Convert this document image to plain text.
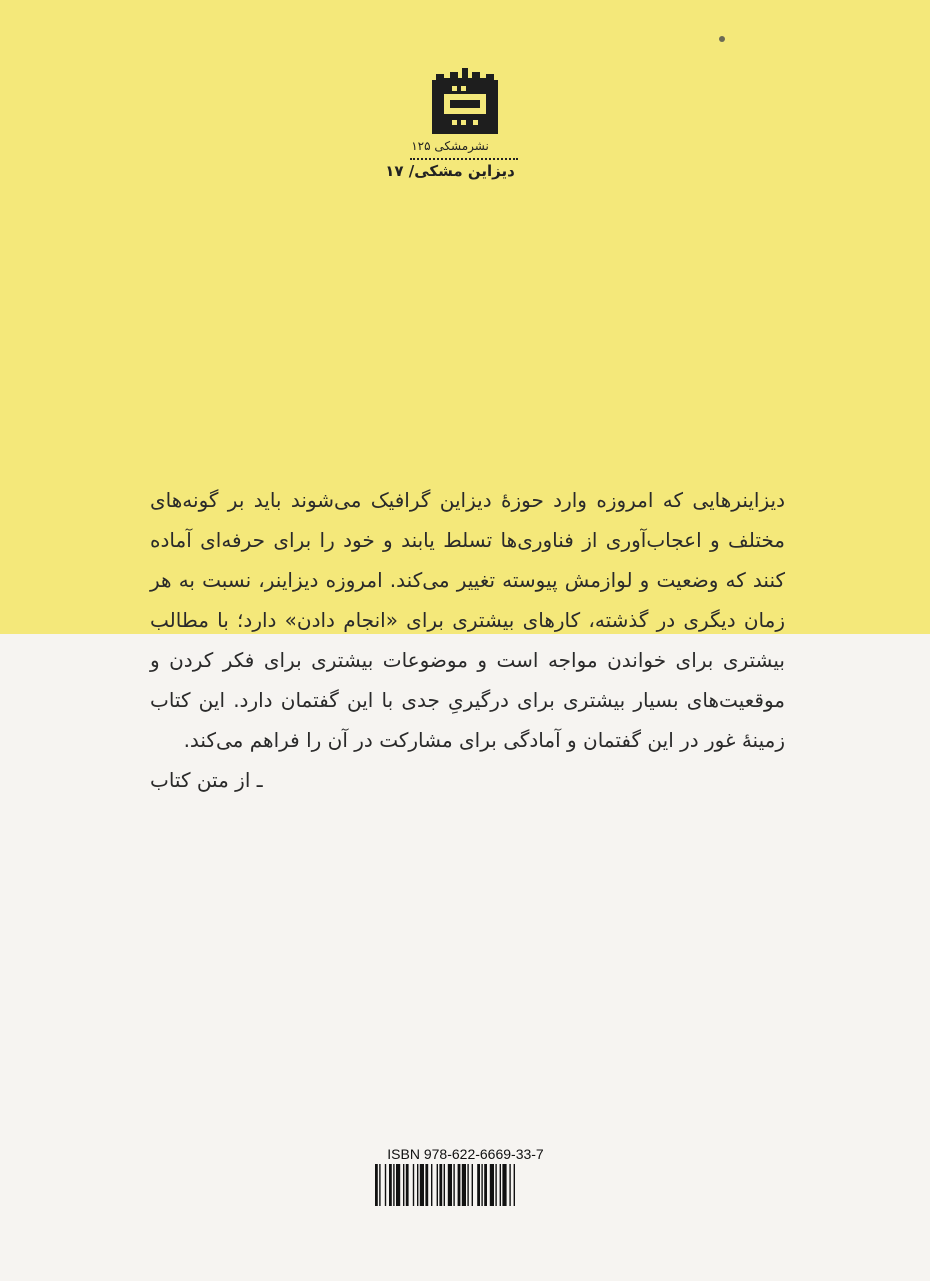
نشرمشکی ۱۲۵
دیزاین مشکی/ ۱۷

دیزاینرهایی که امروزه وارد حوزهٔ دیزاین گرافیک می‌شوند باید بر گونه‌های مختلف و اعجاب‌آوری از فناوری‌ها تسلط یابند و خود را برای حرفه‌ای آماده کنند که وضعیت و لوازمش پیوسته تغییر می‌کند. امروزه دیزاینر، نسبت به هر زمان دیگری در گذشته، کارهای بیشتری برای «انجام دادن» دارد؛ با مطالب بیشتری برای خواندن مواجه است و موضوعات بیشتری برای فکر کردن و موقعیت‌های بسیار بیشتری برای درگیریِ جدی با این گفتمان دارد. این کتاب زمینهٔ غور در این گفتمان و آمادگی برای مشارکت در آن را فراهم می‌کند.

ـ از متن کتاب
ISBN 978-622-6669-33-7
